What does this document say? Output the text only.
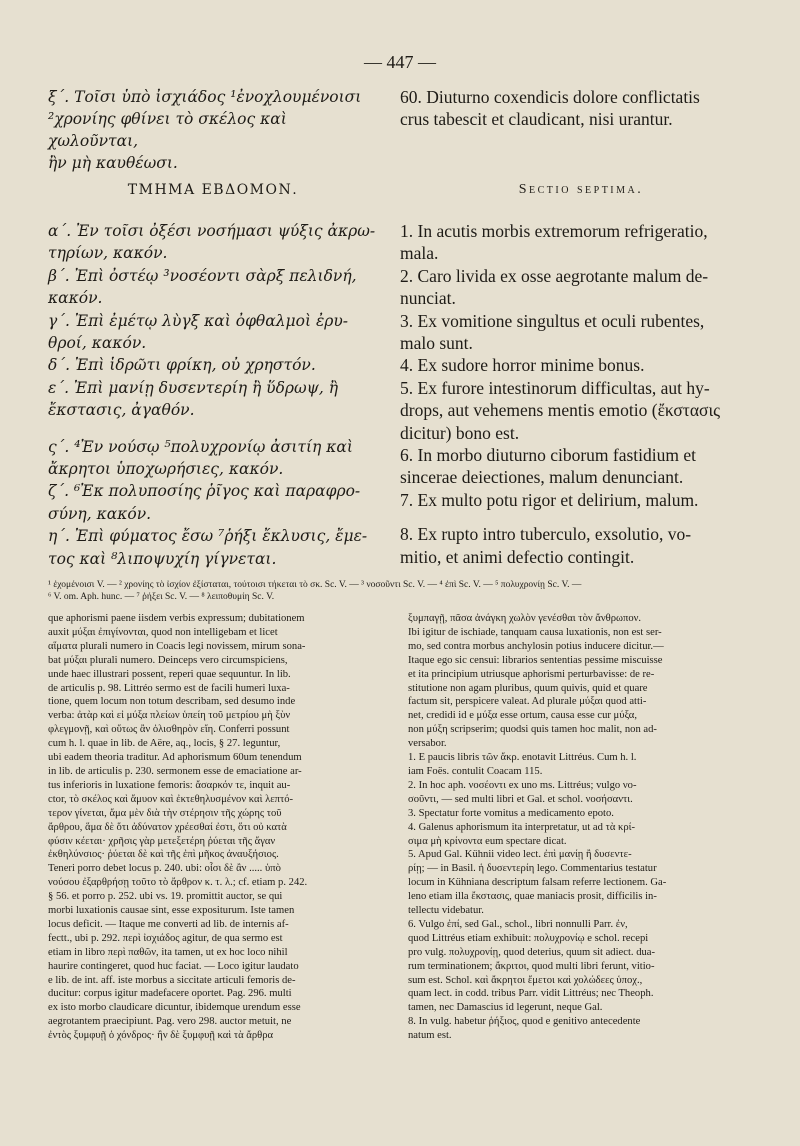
— 447 —

ξ΄. Τοῖσι ὑπὸ ἰσχιάδος ¹ἐνοχλουμένοισι

²χρονίης φθίνει τὸ σκέλος καὶ χωλοῦνται,

ἢν μὴ καυθέωσι.

60. Diuturno coxendicis dolore conflictatis

crus tabescit et claudicant, nisi urantur.

ΤΜΗΜΑ ΕΒΔΟΜΟΝ.	Sectio septima.

α΄. Ἐν τοῖσι ὀξέσι νοσήμασι ψύξις ἀκρω-

τηρίων, κακόν.

β΄. Ἐπὶ ὀστέῳ ³νοσέοντι σὰρξ πελιδνή,

κακόν.

γ΄. Ἐπὶ ἐμέτῳ λὺγξ καὶ ὀφθαλμοὶ ἐρυ-

θροί, κακόν.

δ΄. Ἐπὶ ἱδρῶτι φρίκη, οὐ χρηστόν.

ε΄. Ἐπὶ μανίῃ δυσεντερίη ἢ ὕδρωψ, ἢ

ἔκστασις, ἀγαθόν.

ς΄. ⁴Ἐν νούσῳ ⁵πολυχρονίῳ ἀσιτίη καὶ

ἄκρητοι ὑποχωρήσιες, κακόν.

ζ΄. ⁶Ἐκ πολυποσίης ῥῖγος καὶ παραφρο-

σύνη, κακόν.

η΄. Ἐπὶ φύματος ἔσω ⁷ῥήξι ἔκλυσις, ἔμε-

τος καὶ ⁸λιποψυχίη γίγνεται.

1. In acutis morbis extremorum refrigeratio,

mala.

2. Caro livida ex osse aegrotante malum de-

nunciat.

3. Ex vomitione singultus et oculi rubentes,

malo sunt.

4. Ex sudore horror minime bonus.

5. Ex furore intestinorum difficultas, aut hy-

drops, aut vehemens mentis emotio (ἔκστασις

dicitur) bono est.

6. In morbo diuturno ciborum fastidium et

sincerae deiectiones, malum denunciant.

7. Ex multo potu rigor et delirium, malum.

8. Ex rupto intro tuberculo, exsolutio, vo-

mitio, et animi defectio contingit.

¹ ἐχομένοισι V. — ² χρονίης τὸ ἰσχίον ἐξίσταται, τούτοισι τήκεται τὸ σκ. Sc. V. — ³ νοσοῦντι Sc. V. — ⁴ ἐπὶ Sc. V. — ⁵ πολυχρονίῃ Sc. V. —

⁶ V. om. Aph. hunc. — ⁷ ῥήξει Sc. V. — ⁸ λειποθυμίη Sc. V.

que aphorismi paene iisdem verbis expressum; dubitationem

auxit μύξαι ἐπιγίνονται, quod non intelligebam et licet

αἵματα plurali numero in Coacis legi novissem, mirum sona-

bat μύξαι plurali numero. Deinceps vero circumspiciens,

unde haec illustrari possent, reperi quae sequuntur. In lib.

de articulis p. 98. Littréo sermo est de facili humeri luxa-

tione, quem locum non totum describam, sed desumo inde

verba: ἀτὰρ καὶ εἰ μύξα πλείων ὑπείη τοῦ μετρίου μὴ ξὺν

φλεγμονῇ, καὶ οὕτως ἂν ὀλισθηρὸν εἴη. Conferri possunt

cum h. l. quae in lib. de Aëre, aq., locis, § 27. leguntur,

ubi eadem theoria traditur. Ad aphorismum 60um tenendum

in lib. de articulis p. 230. sermonem esse de emaciatione ar-

tus inferioris in luxatione femoris: ἄσαρκόν τε, inquit au-

ctor, τὸ σκέλος καὶ ἄμυον καὶ ἐκτεθηλυσμένον καὶ λεπτό-

τερον γίνεται, ἅμα μὲν διὰ τὴν στέρησιν τῆς χώρης τοῦ

ἄρθρου, ἅμα δὲ ὅτι ἀδύνατον χρέεσθαί ἐστι, ὅτι οὐ κατὰ

φύσιν κέεται· χρῆσις γὰρ μετεξετέρη ῥύεται τῆς ἄγαν

ἐκθηλύνσιος· ῥύεται δὲ καὶ τῆς ἐπὶ μῆκος ἀναυξήσιος.

Teneri porro debet locus p. 240. ubi: οἷσι δὲ ἂν ..... ὑπὸ

νούσου ἐξαρθρήσῃ τοῦτο τὸ ἄρθρον κ. τ. λ.; cf. etiam p. 242.

§ 56. et porro p. 252. ubi vs. 19. promittit auctor, se qui

morbi luxationis causae sint, esse expositurum. Iste tamen

locus deficit. — Itaque me converti ad lib. de internis af-

fectt., ubi p. 292. περὶ ἰσχιάδος agitur, de qua sermo est

etiam in libro περὶ παθῶν, ita tamen, ut ex hoc loco nihil

haurire contingeret, quod huc faciat. — Loco igitur laudato

e lib. de int. aff. iste morbus a siccitate articuli femoris de-

ducitur: corpus igitur madefacere oportet. Pag. 296. multi

ex isto morbo claudicare dicuntur, ibidemque urendum esse

aegrotantem praecipiunt. Pag. vero 298. auctor metuit, ne

ἐντὸς ξυμφυῇ ὁ χόνδρος· ἢν δὲ ξυμφυῇ καὶ τὰ ἄρθρα

ξυμπαγῇ, πᾶσα ἀνάγκη χωλὸν γενέσθαι τὸν ἄνθρωπον.

Ibi igitur de ischiade, tanquam causa luxationis, non est ser-

mo, sed contra morbus anchylosin potius inducere dicitur.—

Itaque ego sic censui: librarios sententias pessime miscuisse

et ita principium utriusque aphorismi perturbavisse: de re-

stitutione non agam pluribus, quum quivis, quid et quare

factum sit, perspicere valeat. Ad plurale μύξαι quod atti-

net, credidi id e μύξα esse ortum, causa esse cur μύξα,

non μύξη scripserim; quodsi quis tamen hoc malit, non ad-

versabor.

1. E paucis libris τῶν ἄκρ. enotavit Littréus. Cum h. l.

iam Foës. contulit Coacam 115.

2. In hoc aph. νοσέοντι ex uno ms. Littréus; vulgo νο-

σοῦντι, — sed multi libri et Gal. et schol. νοσήσαντι.

3. Spectatur forte vomitus a medicamento epoto.

4. Galenus aphorismum ita interpretatur, ut ad τὰ κρί-

σιμα μὴ κρίνοντα eum spectare dicat.

5. Apud Gal. Kühnii video lect. ἐπὶ μανίῃ ἢ δυσεντε-

ρίῃ; — in Basil. ἡ δυσεντερίη lego. Commentarius testatur

locum in Kühniana descriptum falsam referre lectionem. Ga-

leno etiam illa ἔκστασις, quae maniacis prosit, difficilis in-

tellectu videbatur.

6. Vulgo ἐπί, sed Gal., schol., libri nonnulli Parr. ἐν,

quod Littréus etiam exhibuit: πολυχρονίῳ e schol. recepi

pro vulg. πολυχρονίῃ, quod deterius, quum sit adiect. dua-

rum terminationem; ἄκριτοι, quod multi libri ferunt, vitio-

sum est. Schol. καὶ ἄκρητοι ἔμετοι καὶ χολώδεες ὑποχ.,

quam lect. in codd. tribus Parr. vidit Littréus; nec Theoph.

tamen, nec Damascius id legerunt, neque Gal.

8. In vulg. habetur ῥήξιος, quod e genitivo antecedente

natum est.
